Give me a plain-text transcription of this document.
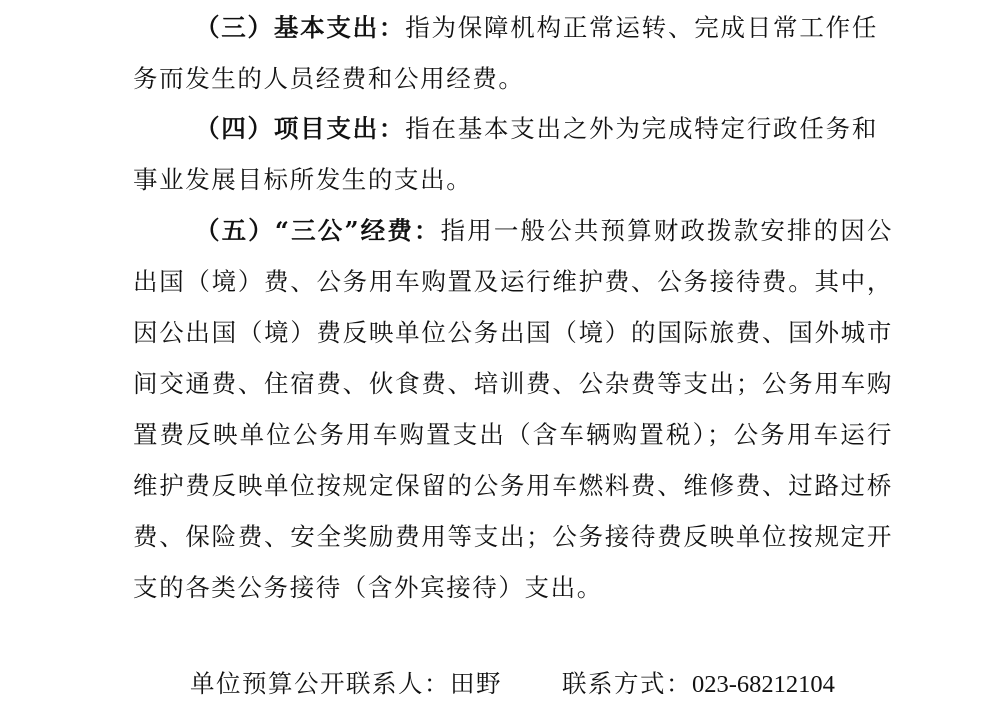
（三）基本支出：指为保障机构正常运转、完成日常工作任务而发生的人员经费和公用经费。

（四）项目支出：指在基本支出之外为完成特定行政任务和事业发展目标所发生的支出。

（五）“三公”经费：指用一般公共预算财政拨款安排的因公出国（境）费、公务用车购置及运行维护费、公务接待费。其中，因公出国（境）费反映单位公务出国（境）的国际旅费、国外城市间交通费、住宿费、伙食费、培训费、公杂费等支出；公务用车购置费反映单位公务用车购置支出（含车辆购置税）；公务用车运行维护费反映单位按规定保留的公务用车燃料费、维修费、过路过桥费、保险费、安全奖励费用等支出；公务接待费反映单位按规定开支的各类公务接待（含外宾接待）支出。

单位预算公开联系人：田野 联系方式：023-68212104
